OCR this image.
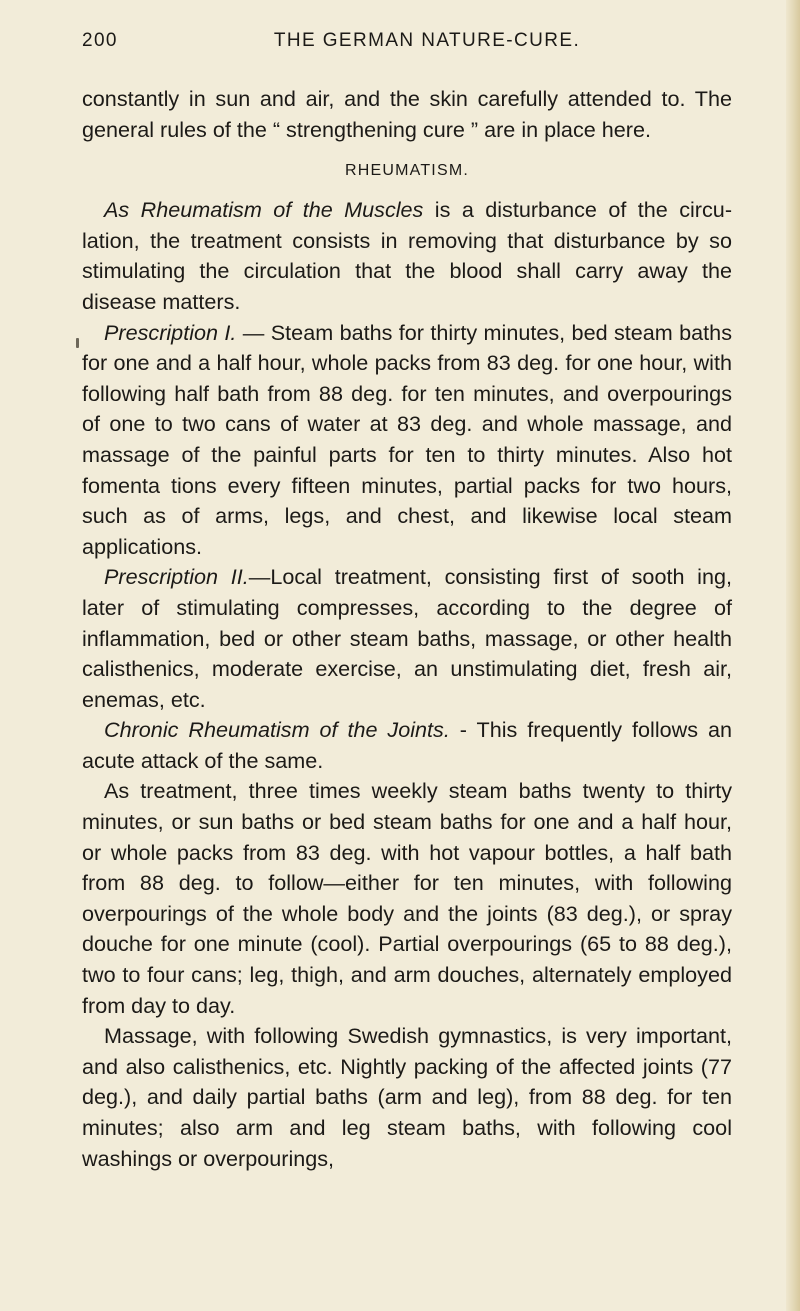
200	THE GERMAN NATURE-CURE.

constantly in sun and air, and the skin carefully attended to. The general rules of the “ strengthening cure ” are in place here.

RHEUMATISM.

As Rheumatism of the Muscles is a disturbance of the circu lation, the treatment consists in removing that disturbance by so stimulating the circulation that the blood shall carry away the disease matters.

Prescription I. — Steam baths for thirty minutes, bed steam baths for one and a half hour, whole packs from 83 deg. for one hour, with following half bath from 88 deg. for ten minutes, and overpourings of one to two cans of water at 83 deg. and whole massage, and massage of the painful parts for ten to thirty minutes. Also hot fomenta tions every fifteen minutes, partial packs for two hours, such as of arms, legs, and chest, and likewise local steam applications.

Prescription II.—Local treatment, consisting first of sooth ing, later of stimulating compresses, according to the degree of inflammation, bed or other steam baths, massage, or other health calisthenics, moderate exercise, an unstimulating diet, fresh air, enemas, etc.

Chronic Rheumatism of the Joints. - This frequently follows an acute attack of the same.

As treatment, three times weekly steam baths twenty to thirty minutes, or sun baths or bed steam baths for one and a half hour, or whole packs from 83 deg. with hot vapour bottles, a half bath from 88 deg. to follow—either for ten minutes, with following overpourings of the whole body and the joints (83 deg.), or spray douche for one minute (cool). Partial overpourings (65 to 88 deg.), two to four cans; leg, thigh, and arm douches, alternately employed from day to day.

Massage, with following Swedish gymnastics, is very important, and also calisthenics, etc. Nightly packing of the affected joints (77 deg.), and daily partial baths (arm and leg), from 88 deg. for ten minutes; also arm and leg steam baths, with following cool washings or overpourings,
